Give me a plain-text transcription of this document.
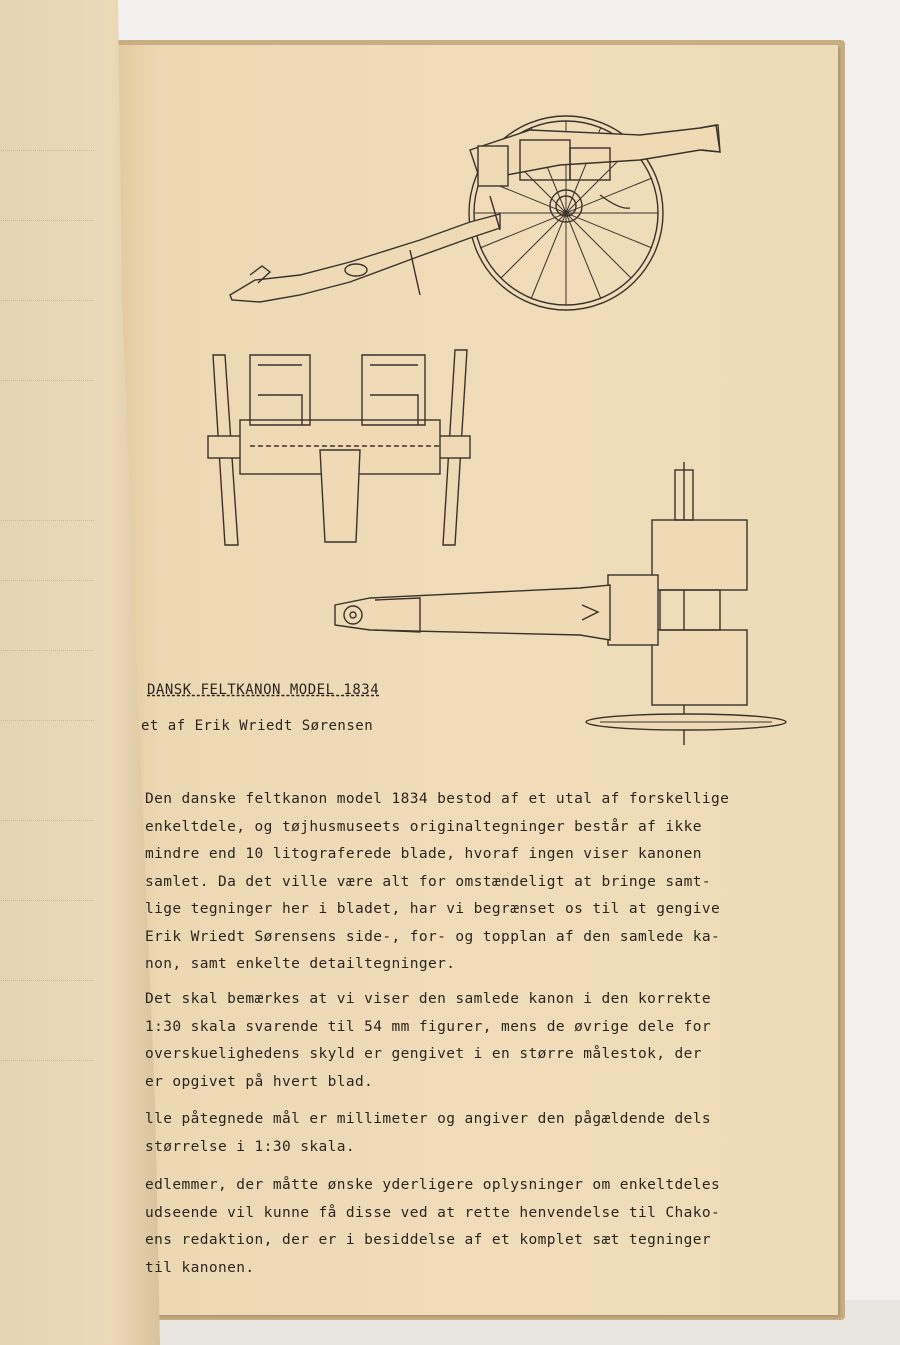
DANSK FELTKANON MODEL 1834
et af Erik Wriedt Sørensen

Den danske feltkanon model 1834 bestod af et utal af forskellige
enkeltdele, og tøjhusmuseets originaltegninger består af ikke
mindre end 10 litograferede blade, hvoraf ingen viser kanonen
samlet. Da det ville være alt for omstændeligt at bringe samt-
lige tegninger her i bladet, har vi begrænset os til at gengive
Erik Wriedt Sørensens side-, for- og topplan af den samlede ka-
non, samt enkelte detailtegninger.

Det skal bemærkes at vi viser den samlede kanon i den korrekte
1:30 skala svarende til 54 mm figurer, mens de øvrige dele for
overskuelighedens skyld er gengivet i en større målestok, der
er opgivet på hvert blad.

lle påtegnede mål er millimeter og angiver den pågældende dels
størrelse i 1:30 skala.

edlemmer, der måtte ønske yderligere oplysninger om enkeltdeles
udseende vil kunne få disse ved at rette henvendelse til Chako-
ens redaktion, der er i besiddelse af et komplet sæt tegninger
til kanonen.
